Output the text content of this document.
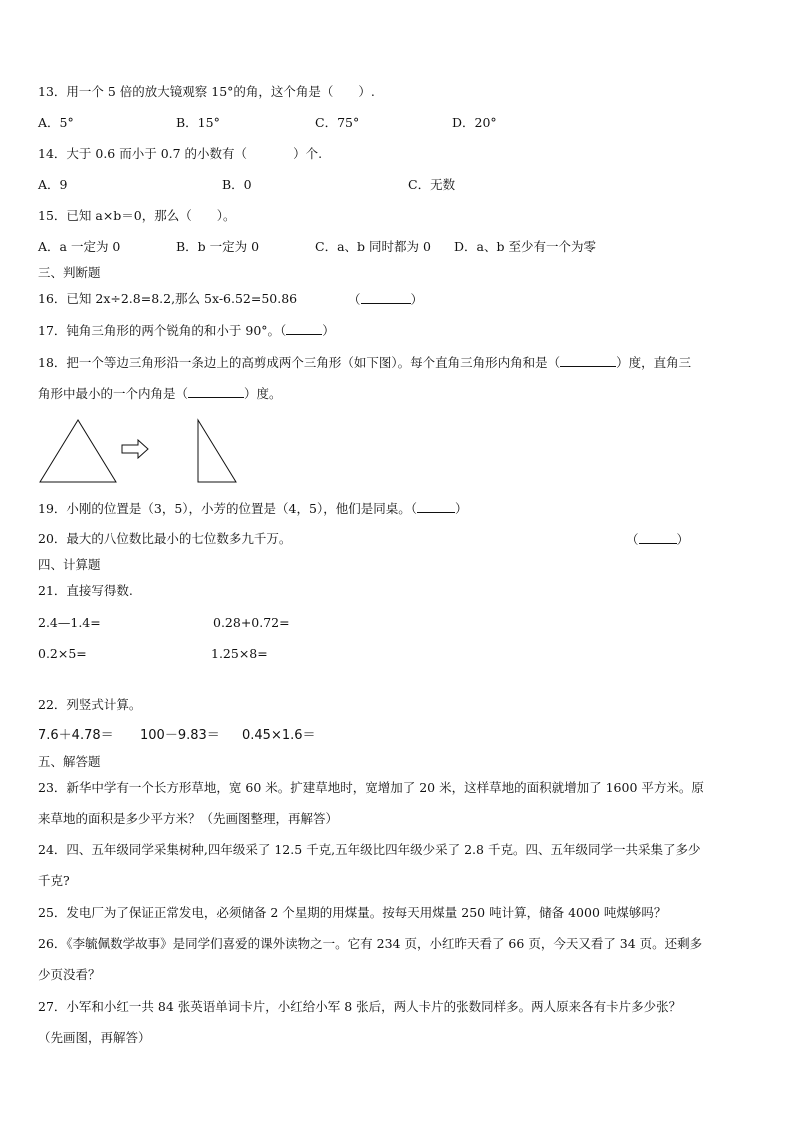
13．用一个 5 倍的放大镜观察 15°的角，这个角是（　　）.
A．5°	B．15°	C．75°	D．20°
14．大于 0.6 而小于 0.7 的小数有（	）个.
A．9	B．0	C．无数
15．已知 a×b＝0，那么（　　）。
A．a 一定为 0	B．b 一定为 0	C．a、b 同时都为 0 D．a、b 至少有一个为零
三、判断题
16．已知 2x÷2.8=8.2,那么 5x-6.52=50.86	（	）
17．钝角三角形的两个锐角的和小于 90°。（	）
18．把一个等边三角形沿一条边上的高剪成两个三角形（如下图）。每个直角三角形内角和是（	）度，直角三
角形中最小的一个内角是（	）度。
19．小刚的位置是（3，5），小芳的位置是（4，5），他们是同桌。（	）
20．最大的八位数比最小的七位数多九千万。	（	）
四、计算题
21．直接写得数.
2.4—1.4=	0.28+0.72=
0.2×5=	1.25×8=
22．列竖式计算。
7.6＋4.78＝ 100－9.83＝ 0.45×1.6＝
五、解答题
23．新华中学有一个长方形草地，宽 60 米。扩建草地时，宽增加了 20 米，这样草地的面积就增加了 1600 平方米。原
来草地的面积是多少平方米？（先画图整理，再解答）
24．四、五年级同学采集树种,四年级采了 12.5 千克,五年级比四年级少采了 2.8 千克。四、五年级同学一共采集了多少
千克?
25．发电厂为了保证正常发电，必须储备 2 个星期的用煤量。按每天用煤量 250 吨计算，储备 4000 吨煤够吗？
26．《李毓佩数学故事》是同学们喜爱的课外读物之一。它有 234 页，小红昨天看了 66 页，今天又看了 34 页。还剩多
少页没看？
27．小军和小红一共 84 张英语单词卡片，小红给小军 8 张后，两人卡片的张数同样多。两人原来各有卡片多少张？
（先画图，再解答）
